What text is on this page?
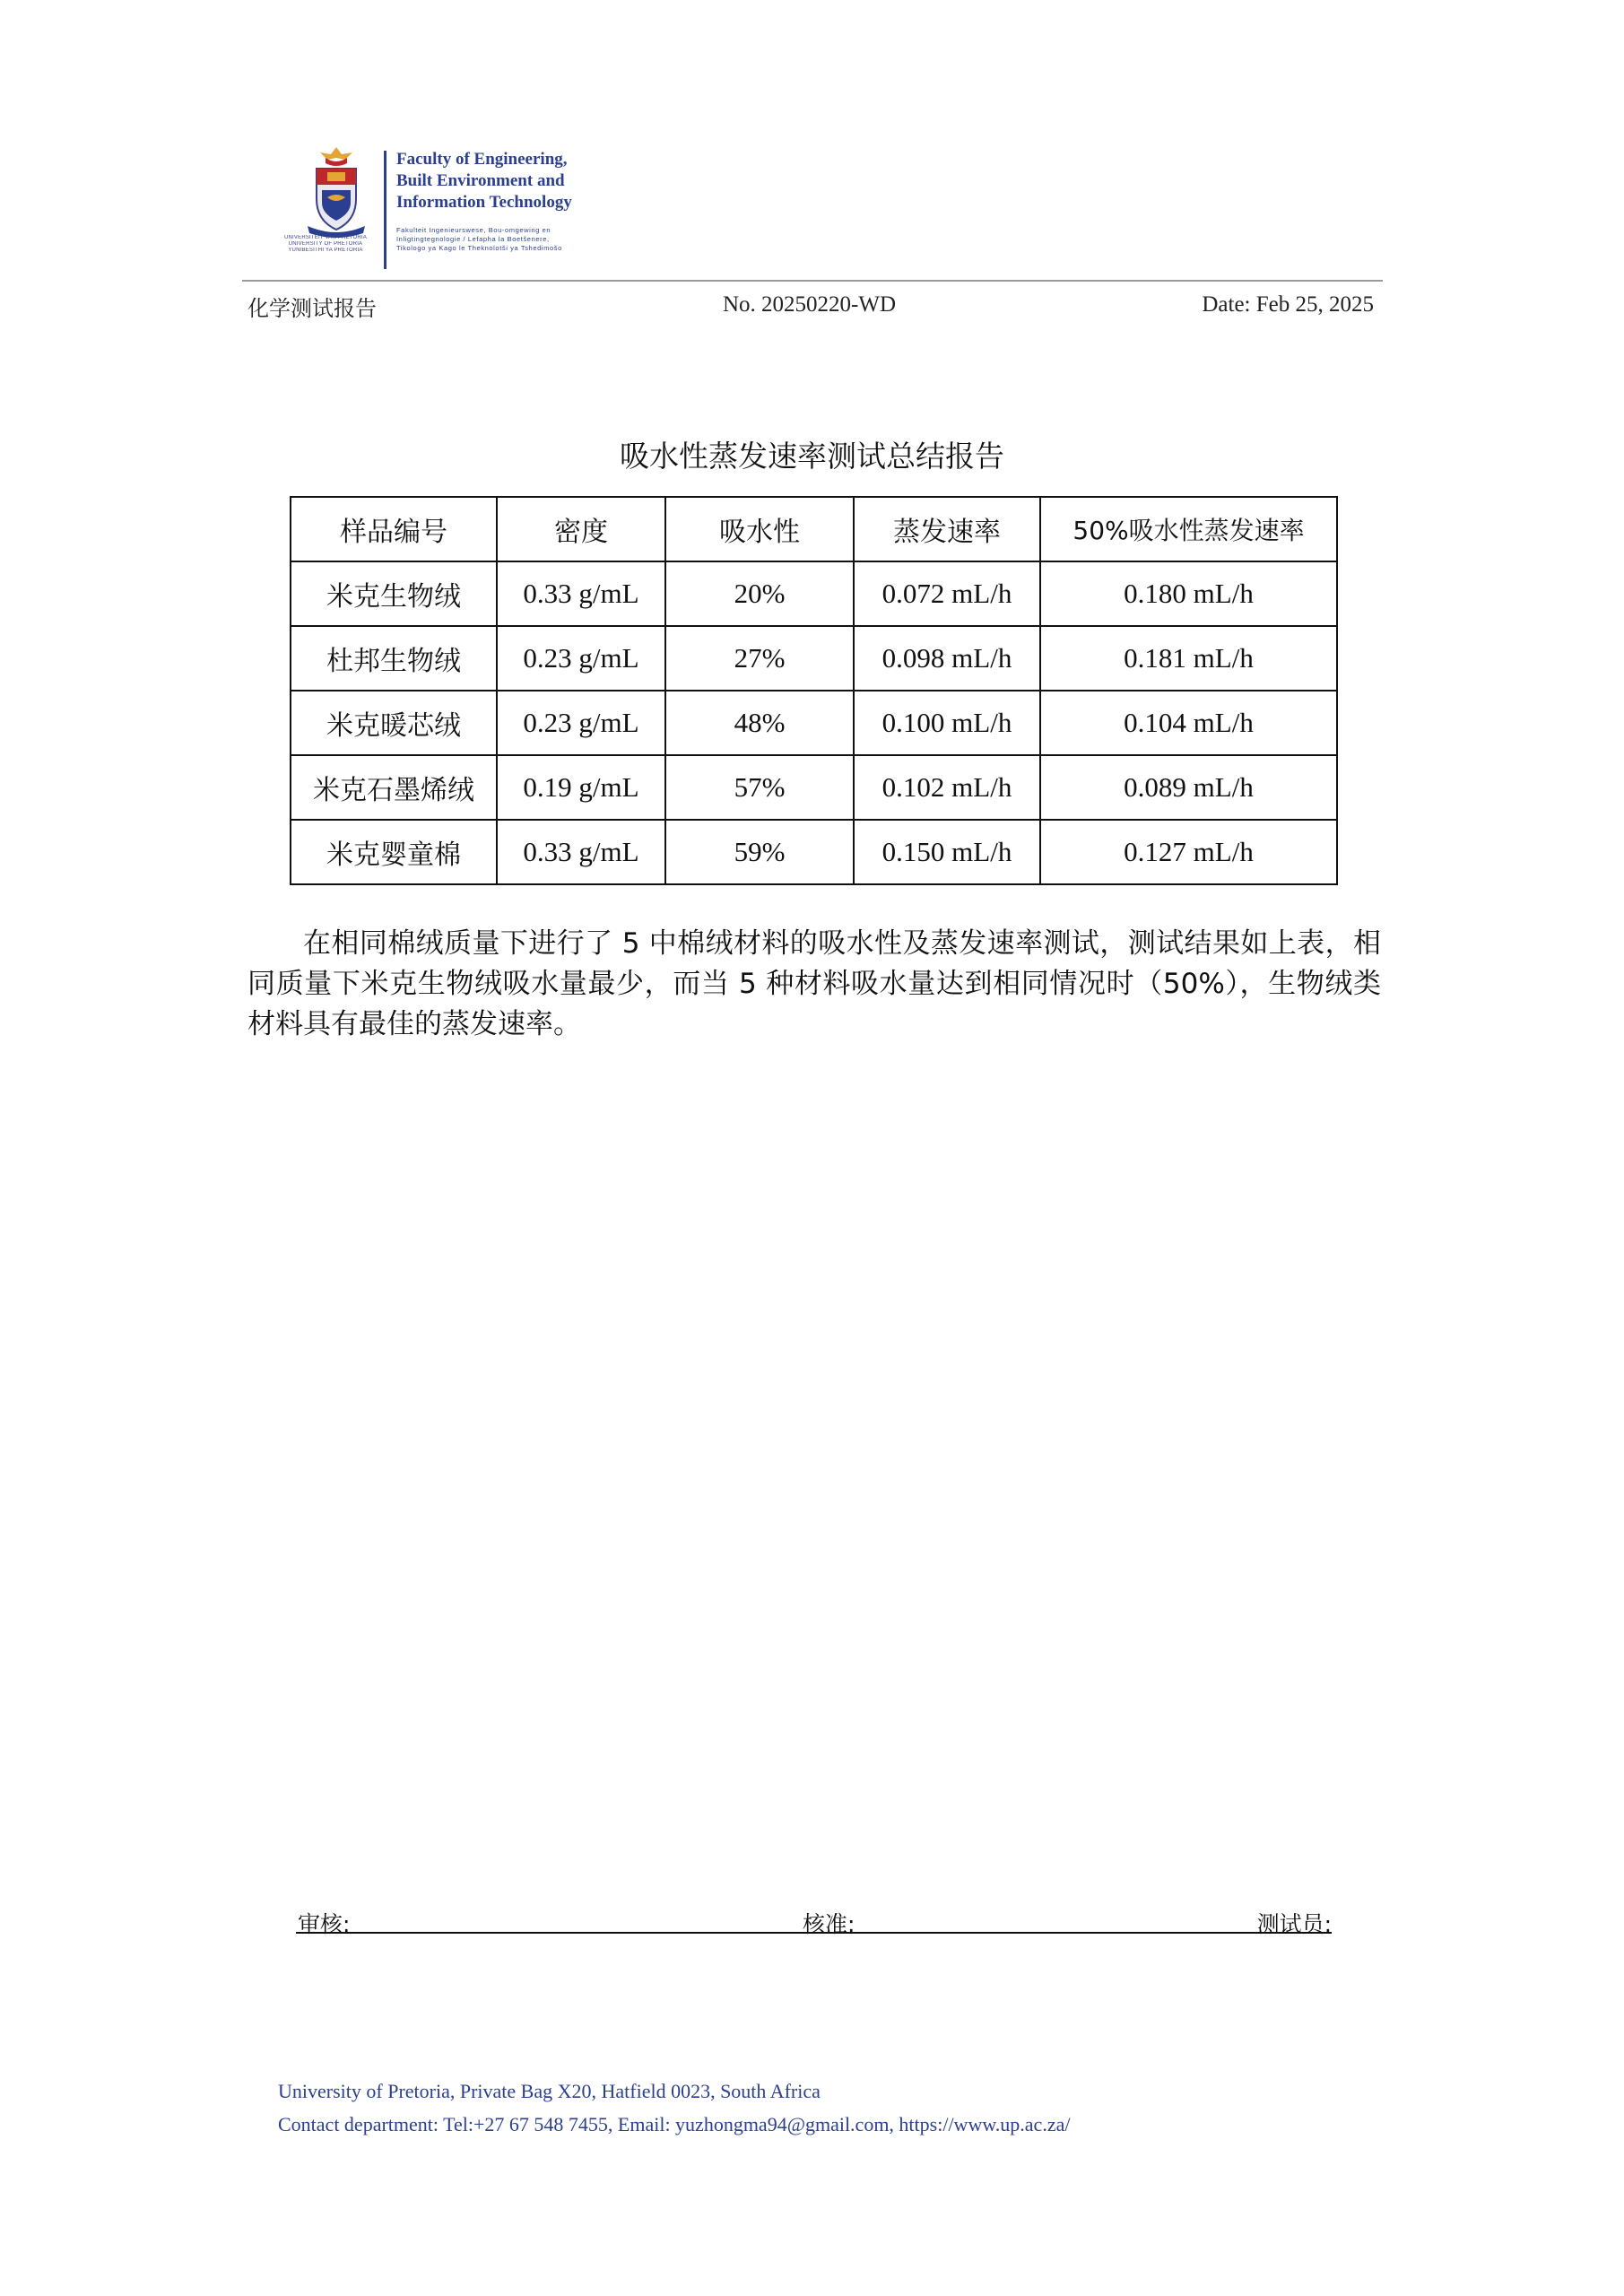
UNIVERSITEIT VAN PRETORIA
UNIVERSITY OF PRETORIA
YUNIBESITHI YA PRETORIA
Faculty of Engineering,
Built Environment and
Information Technology
Fakulteit Ingenieurswese, Bou-omgewing en
Inligtingtegnologie / Lefapha la Boetšenere,
Tikologo ya Kago le Theknolotši ya Tshedimošo
化学测试报告	No. 20250220-WD	Date: Feb 25, 2025
吸水性蒸发速率测试总结报告
样品编号	密度	吸水性	蒸发速率	50%吸水性蒸发速率
米克生物绒	0.33 g/mL	20%	0.072 mL/h	0.180 mL/h
杜邦生物绒	0.23 g/mL	27%	0.098 mL/h	0.181 mL/h
米克暖芯绒	0.23 g/mL	48%	0.100 mL/h	0.104 mL/h
米克石墨烯绒	0.19 g/mL	57%	0.102 mL/h	0.089 mL/h
米克婴童棉	0.33 g/mL	59%	0.150 mL/h	0.127 mL/h

在相同棉绒质量下进行了 5 中棉绒材料的吸水性及蒸发速率测试，测试结果如上表，相同质量下米克生物绒吸水量最少，而当 5 种材料吸水量达到相同情况时（50%），生物绒类材料具有最佳的蒸发速率。

审核:	核准:	测试员:
University of Pretoria, Private Bag X20, Hatfield 0023, South Africa
Contact department: Tel:+27 67 548 7455, Email: yuzhongma94@gmail.com, https://www.up.ac.za/
